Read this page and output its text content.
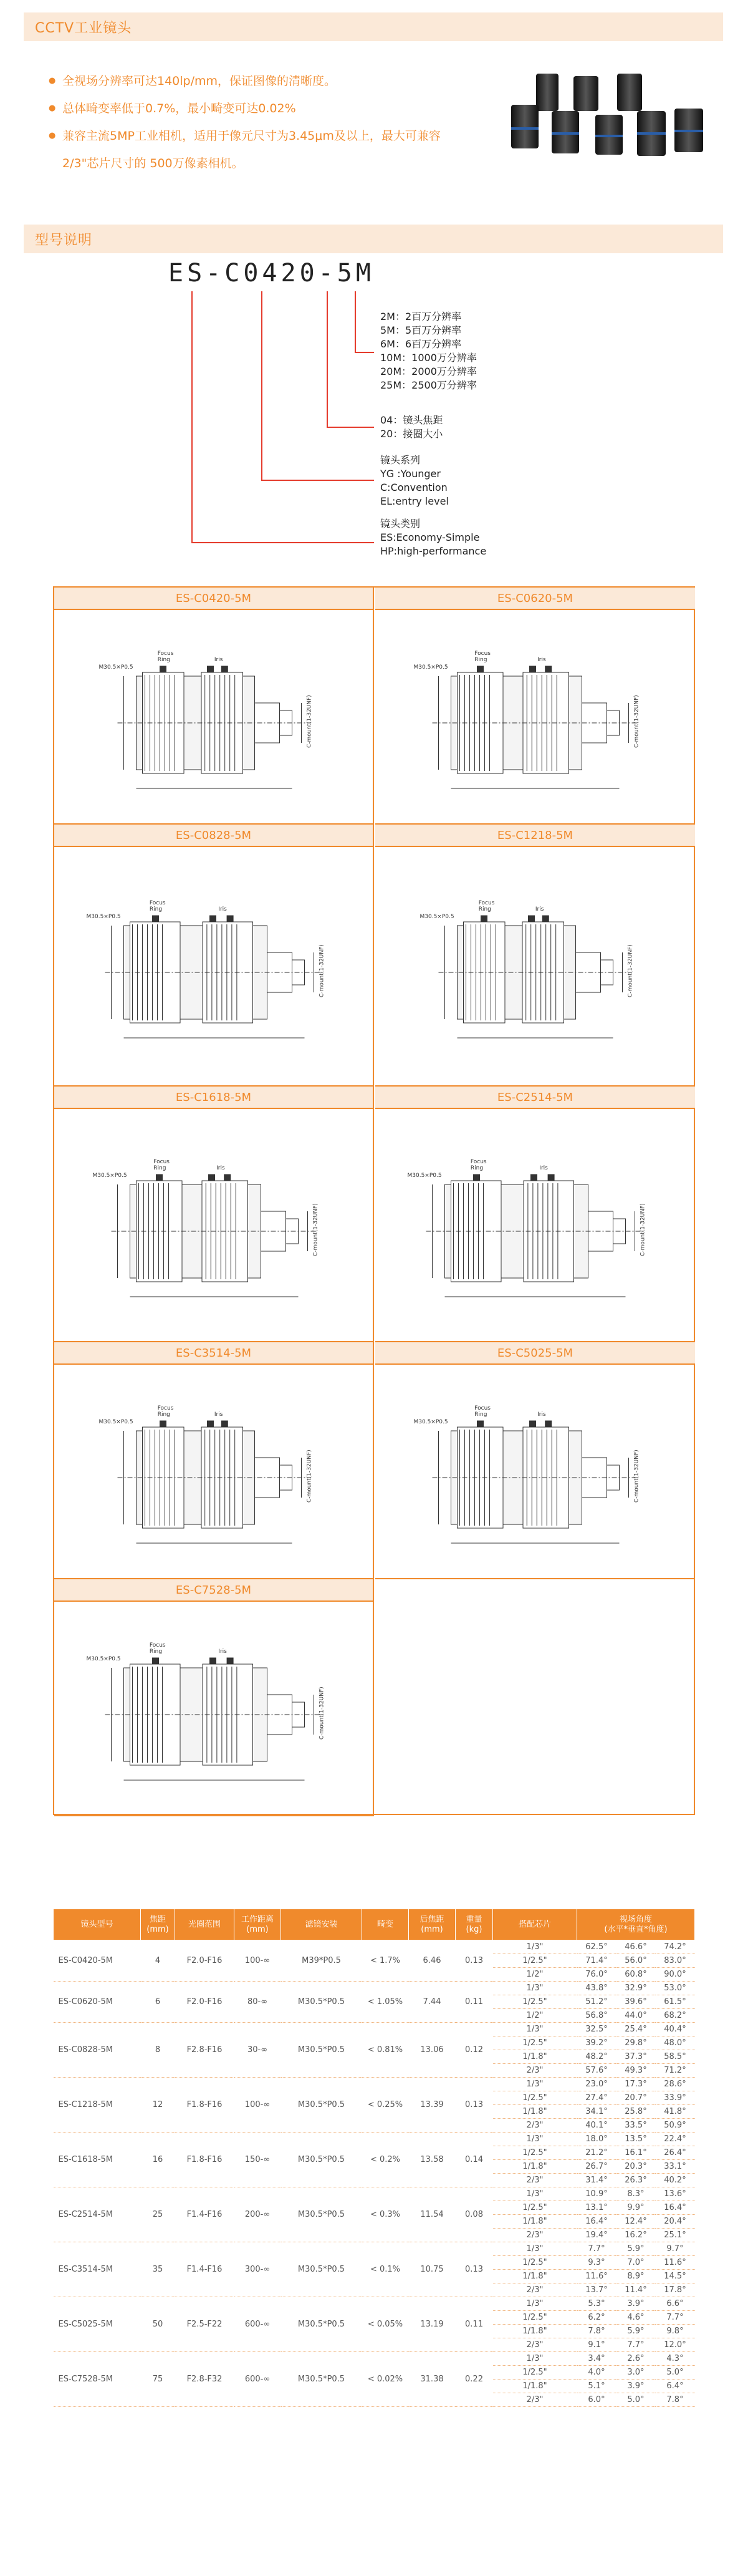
CCTV工业镜头
● 全视场分辨率可达140lp/mm，保证图像的清晰度。
● 总体畸变率低于0.7%，最小畸变可达0.02%
● 兼容主流5MP工业相机，适用于像元尺寸为3.45μm及以上，最大可兼容2/3"芯片尺寸的 500万像素相机。
型号说明
ES-C0420-5M
2M：2百万分辨率
5M：5百万分辨率
6M：6百万分辨率
10M：1000万分辨率
20M：2000万分辨率
25M：2500万分辨率
04：镜头焦距
20：接圈大小
镜头系列
YG :Younger
C:Convention
EL:entry level
镜头类别
ES:Economy-Simple
HP:high-performance
ES-C0420-5M
Focus
Ring	Iris
M30.5×P0.5
C-mount(1-32UNF)
ES-C0620-5M
Focus
Ring	Iris
M30.5×P0.5
C-mount(1-32UNF)
ES-C0828-5M
Focus
Ring	Iris
M30.5×P0.5
C-mount(1-32UNF)
ES-C1218-5M
Focus
Ring	Iris
M30.5×P0.5
C-mount(1-32UNF)
ES-C1618-5M
Focus
Ring	Iris
M30.5×P0.5
C-mount(1-32UNF)
ES-C2514-5M
Focus
Ring	Iris
M30.5×P0.5
C-mount(1-32UNF)
ES-C3514-5M
Focus
Ring	Iris
M30.5×P0.5
C-mount(1-32UNF)
ES-C5025-5M
Focus
Ring	Iris
M30.5×P0.5
C-mount(1-32UNF)
ES-C7528-5M
Focus
Ring	Iris
M30.5×P0.5
C-mount(1-32UNF)
镜头型号	焦距
(mm)	光圈范围	工作距离
(mm)	滤镜安装	畸变	后焦距
(mm)	重量
(kg)	搭配芯片	视场角度
(水平*垂直*角度)		
ES-C0420-5M	4	F2.0-F16	100-∞	M39*P0.5	< 1.7%	6.46	0.13	1/3"	62.5°	46.6°	74.2°
								1/2.5"	71.4°	56.0°	83.0°
								1/2"	76.0°	60.8°	90.0°
ES-C0620-5M	6	F2.0-F16	80-∞	M30.5*P0.5	< 1.05%	7.44	0.11	1/3"	43.8°	32.9°	53.0°
								1/2.5"	51.2°	39.6°	61.5°
								1/2"	56.8°	44.0°	68.2°
ES-C0828-5M	8	F2.8-F16	30-∞	M30.5*P0.5	< 0.81%	13.06	0.12	1/3"	32.5°	25.4°	40.4°
								1/2.5"	39.2°	29.8°	48.0°
								1/1.8"	48.2°	37.3°	58.5°
								2/3"	57.6°	49.3°	71.2°
ES-C1218-5M	12	F1.8-F16	100-∞	M30.5*P0.5	< 0.25%	13.39	0.13	1/3"	23.0°	17.3°	28.6°
								1/2.5"	27.4°	20.7°	33.9°
								1/1.8"	34.1°	25.8°	41.8°
								2/3"	40.1°	33.5°	50.9°
ES-C1618-5M	16	F1.8-F16	150-∞	M30.5*P0.5	< 0.2%	13.58	0.14	1/3"	18.0°	13.5°	22.4°
								1/2.5"	21.2°	16.1°	26.4°
								1/1.8"	26.7°	20.3°	33.1°
								2/3"	31.4°	26.3°	40.2°
ES-C2514-5M	25	F1.4-F16	200-∞	M30.5*P0.5	< 0.3%	11.54	0.08	1/3"	10.9°	8.3°	13.6°
								1/2.5"	13.1°	9.9°	16.4°
								1/1.8"	16.4°	12.4°	20.4°
								2/3"	19.4°	16.2°	25.1°
ES-C3514-5M	35	F1.4-F16	300-∞	M30.5*P0.5	< 0.1%	10.75	0.13	1/3"	7.7°	5.9°	9.7°
								1/2.5"	9.3°	7.0°	11.6°
								1/1.8"	11.6°	8.9°	14.5°
								2/3"	13.7°	11.4°	17.8°
ES-C5025-5M	50	F2.5-F22	600-∞	M30.5*P0.5	< 0.05%	13.19	0.11	1/3"	5.3°	3.9°	6.6°
								1/2.5"	6.2°	4.6°	7.7°
								1/1.8"	7.8°	5.9°	9.8°
								2/3"	9.1°	7.7°	12.0°
ES-C7528-5M	75	F2.8-F32	600-∞	M30.5*P0.5	< 0.02%	31.38	0.22	1/3"	3.4°	2.6°	4.3°
								1/2.5"	4.0°	3.0°	5.0°
								1/1.8"	5.1°	3.9°	6.4°
								2/3"	6.0°	5.0°	7.8°
